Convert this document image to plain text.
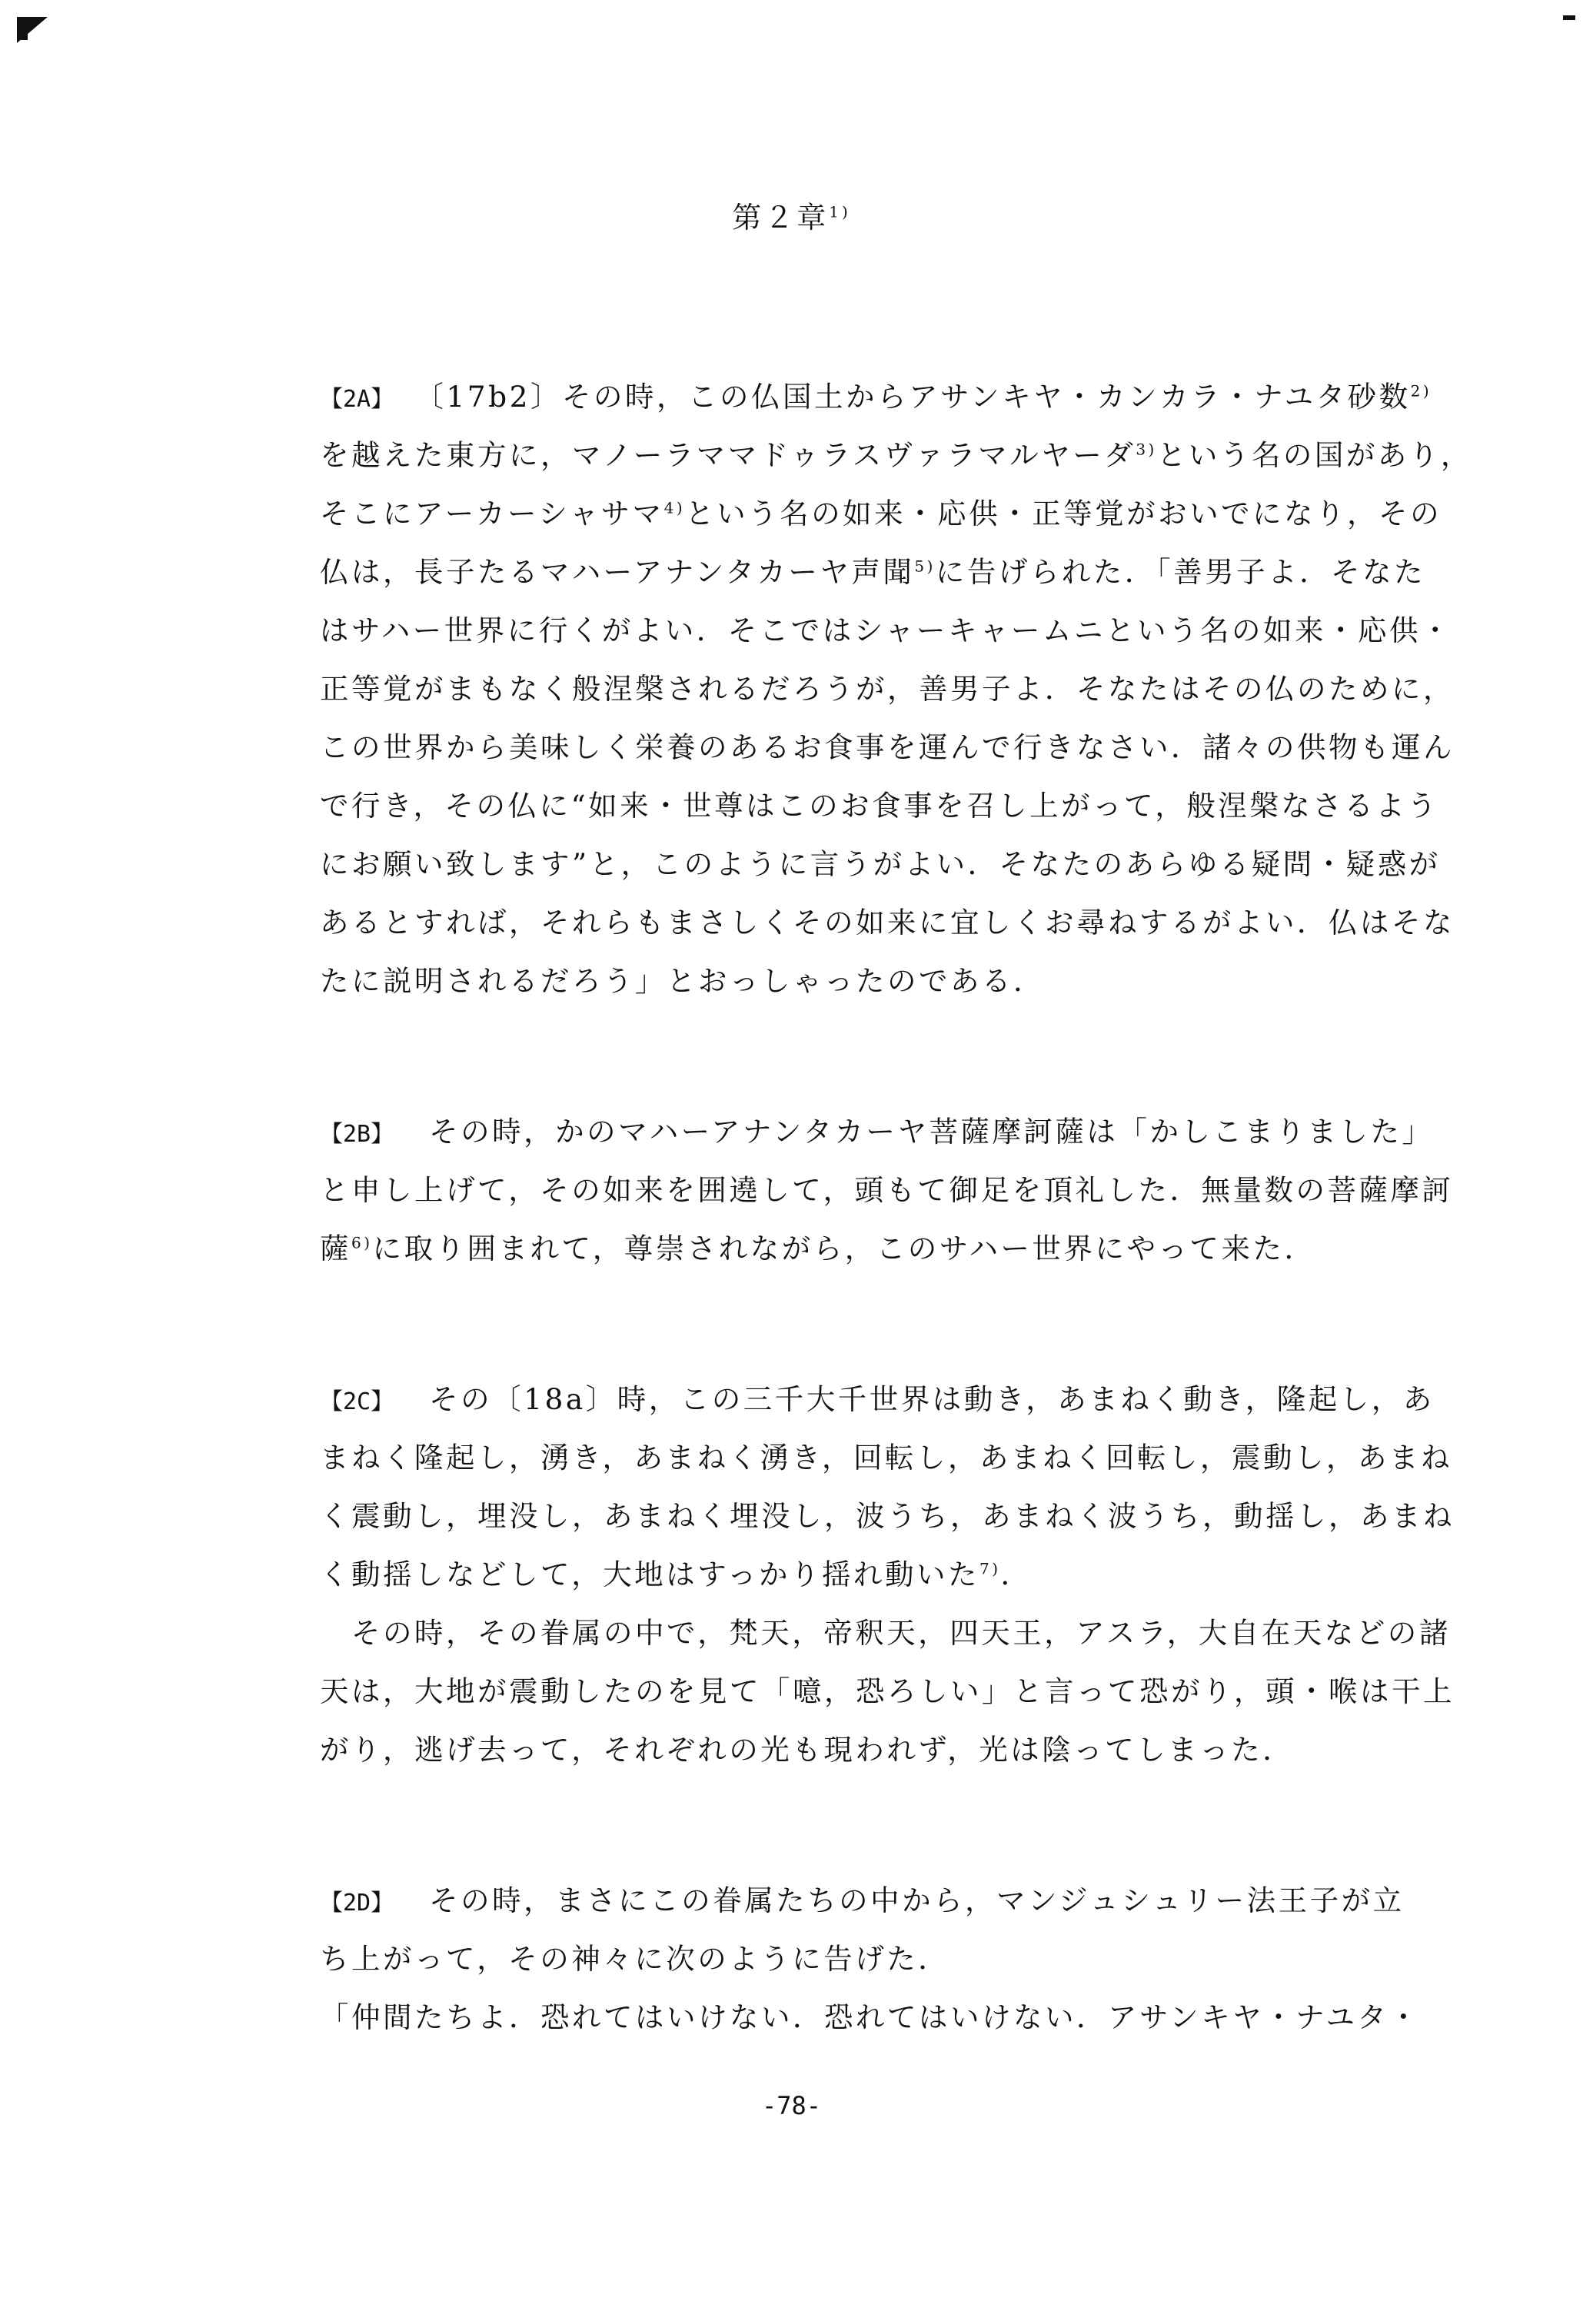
第２章$^{1)}$
【2A】 〔17b2〕その時，この仏国土からアサンキヤ・カンカラ・ナユタ砂数$^{2)}$
を越えた東方に，マノーラママドゥラスヴァラマルヤーダ$^{3)}$という名の国があり，
そこにアーカーシャサマ$^{4)}$という名の如来・応供・正等覚がおいでになり，その
仏は，長子たるマハーアナンタカーヤ声聞$^{5)}$に告げられた．「善男子よ．そなた
はサハー世界に行くがよい．そこではシャーキャームニという名の如来・応供・
正等覚がまもなく般涅槃されるだろうが，善男子よ．そなたはその仏のために，
この世界から美味しく栄養のあるお食事を運んで行きなさい．諸々の供物も運ん
で行き，その仏に“如来・世尊はこのお食事を召し上がって，般涅槃なさるよう
にお願い致します”と，このように言うがよい．そなたのあらゆる疑問・疑惑が
あるとすれば，それらもまさしくその如来に宜しくお尋ねするがよい．仏はそな
たに説明されるだろう」とおっしゃったのである．
【2B】 その時，かのマハーアナンタカーヤ菩薩摩訶薩は「かしこまりました」
と申し上げて，その如来を囲遶して，頭もて御足を頂礼した．無量数の菩薩摩訶
薩$^{6)}$に取り囲まれて，尊崇されながら，このサハー世界にやって来た．
【2C】 その〔18a〕時，この三千大千世界は動き，あまねく動き，隆起し，あ
まねく隆起し，湧き，あまねく湧き，回転し，あまねく回転し，震動し，あまね
く震動し，埋没し，あまねく埋没し，波うち，あまねく波うち，動揺し，あまね
く動揺しなどして，大地はすっかり揺れ動いた$^{7)}$．
　その時，その眷属の中で，梵天，帝釈天，四天王，アスラ，大自在天などの諸
天は，大地が震動したのを見て「噫，恐ろしい」と言って恐がり，頭・喉は干上
がり，逃げ去って，それぞれの光も現われず，光は陰ってしまった．
【2D】 その時，まさにこの眷属たちの中から，マンジュシュリー法王子が立
ち上がって，その神々に次のように告げた．
「仲間たちよ．恐れてはいけない．恐れてはいけない．アサンキヤ・ナユタ・
-78-
